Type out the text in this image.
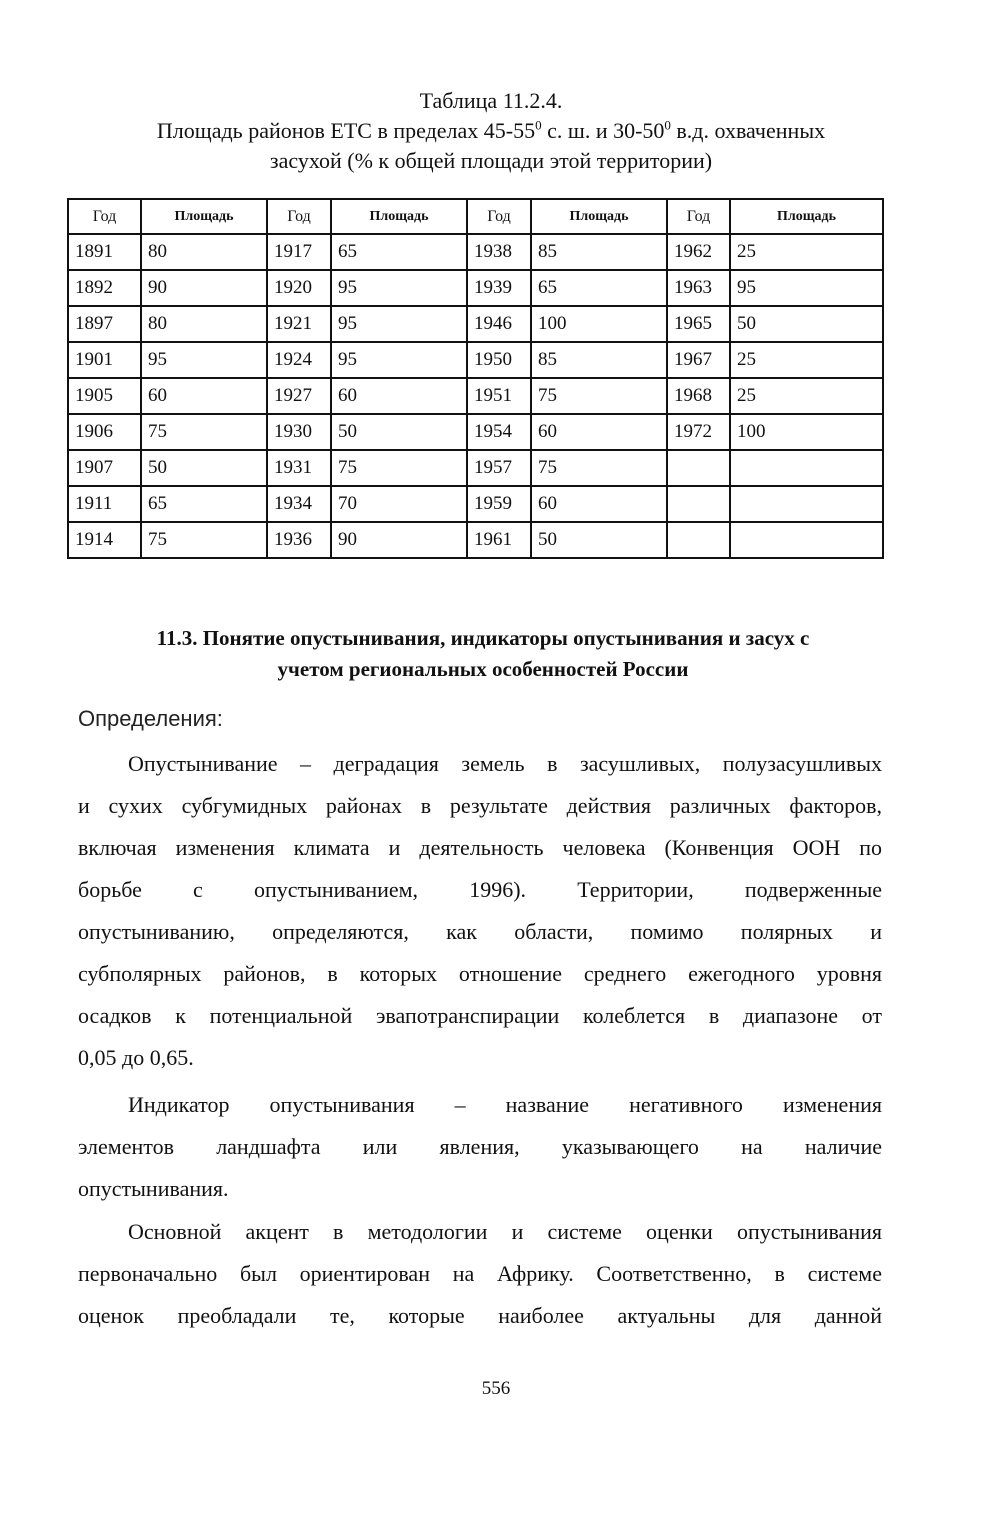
Таблица 11.2.4.
Площадь районов ЕТС в пределах $45-55^0$ с. ш. и $30-50^0$ в.д. охваченных
засухой (% к общей площади этой территории)
Год	Площадь	Год	Площадь	Год	Площадь	Год	Площадь
1891	80	1917	65	1938	85	1962	25
1892	90	1920	95	1939	65	1963	95
1897	80	1921	95	1946	100	1965	50
1901	95	1924	95	1950	85	1967	25
1905	60	1927	60	1951	75	1968	25
1906	75	1930	50	1954	60	1972	100
1907	50	1931	75	1957	75		
1911	65	1934	70	1959	60		
1914	75	1936	90	1961	50		
11.3. Понятие опустынивания, индикаторы опустынивания и засух с
учетом региональных особенностей России
Определения:
Опустынивание – деградация земель в засушливых, полузасушливых
и сухих субгумидных районах в результате действия различных факторов,
включая изменения климата и деятельность человека (Конвенция ООН по
борьбе с опустыниванием, 1996). Территории, подверженные
опустыниванию, определяются, как области, помимо полярных и
субполярных районов, в которых отношение среднего ежегодного уровня
осадков к потенциальной эвапотранспирации колеблется в диапазоне от
0,05 до 0,65.
Индикатор опустынивания – название негативного изменения
элементов ландшафта или явления, указывающего на наличие
опустынивания.
Основной акцент в методологии и системе оценки опустынивания
первоначально был ориентирован на Африку. Соответственно, в системе
оценок преобладали те, которые наиболее актуальны для данной
556
